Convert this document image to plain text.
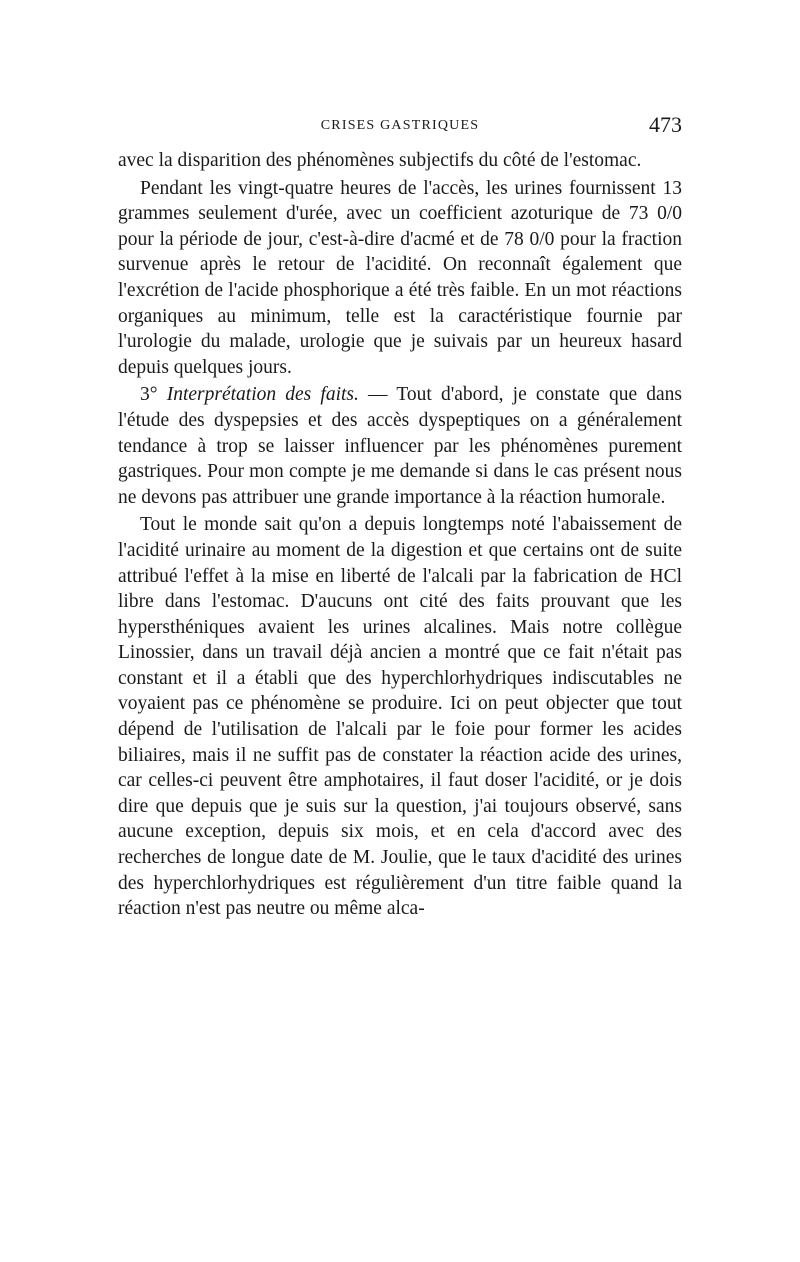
CRISES GASTRIQUES	473

avec la disparition des phénomènes subjectifs du côté de l'estomac.

Pendant les vingt-quatre heures de l'accès, les urines fournissent 13 grammes seulement d'urée, avec un coefficient azoturique de 73 0/0 pour la période de jour, c'est-à-dire d'acmé et de 78 0/0 pour la fraction survenue après le retour de l'acidité. On reconnaît également que l'excrétion de l'acide phosphorique a été très faible. En un mot réactions organiques au minimum, telle est la caractéristique fournie par l'urologie du malade, urologie que je suivais par un heureux hasard depuis quelques jours.

3° Interprétation des faits. — Tout d'abord, je constate que dans l'étude des dyspepsies et des accès dyspeptiques on a généralement tendance à trop se laisser influencer par les phénomènes purement gastriques. Pour mon compte je me demande si dans le cas présent nous ne devons pas attribuer une grande importance à la réaction humorale.

Tout le monde sait qu'on a depuis longtemps noté l'abaissement de l'acidité urinaire au moment de la digestion et que certains ont de suite attribué l'effet à la mise en liberté de l'alcali par la fabrication de HCl libre dans l'estomac. D'aucuns ont cité des faits prouvant que les hypersthéniques avaient les urines alcalines. Mais notre collègue Linossier, dans un travail déjà ancien a montré que ce fait n'était pas constant et il a établi que des hyperchlorhydriques indiscutables ne voyaient pas ce phénomène se produire. Ici on peut objecter que tout dépend de l'utilisation de l'alcali par le foie pour former les acides biliaires, mais il ne suffit pas de constater la réaction acide des urines, car celles-ci peuvent être amphotaires, il faut doser l'acidité, or je dois dire que depuis que je suis sur la question, j'ai toujours observé, sans aucune exception, depuis six mois, et en cela d'accord avec des recherches de longue date de M. Joulie, que le taux d'acidité des urines des hyperchlorhydriques est régulièrement d'un titre faible quand la réaction n'est pas neutre ou même alca-
